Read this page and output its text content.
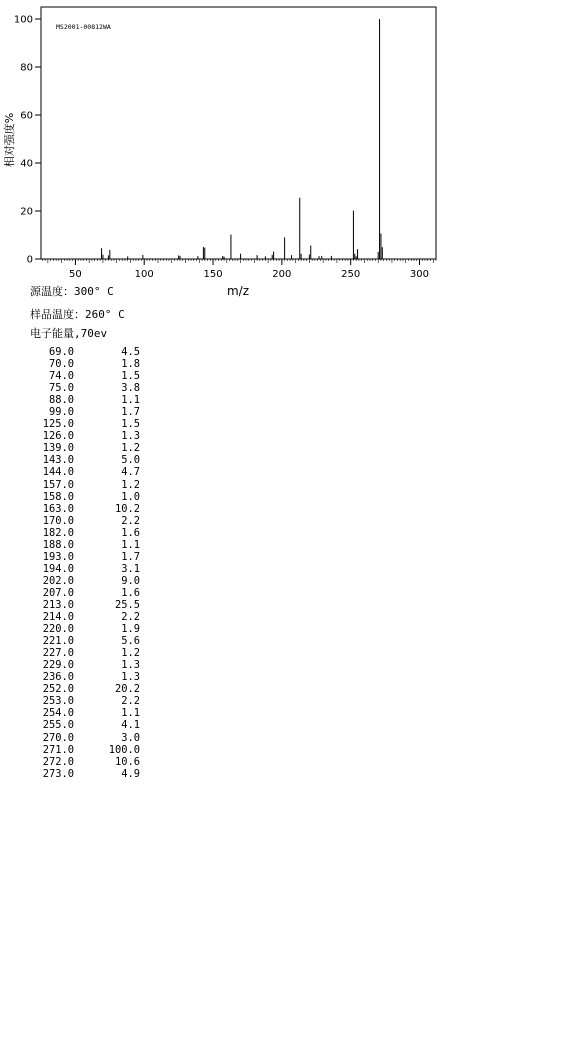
MS2001-00812WA
0
20
40
60
80
100
50	100	150	200	250	300
相对强度%
m/z
源温度：300° C
样品温度：260° C
电子能量,70ev
69.0	4.5
70.0	1.8
74.0	1.5
75.0	3.8
88.0	1.1
99.0	1.7
125.0	1.5
126.0	1.3
139.0	1.2
143.0	5.0
144.0	4.7
157.0	1.2
158.0	1.0
163.0	10.2
170.0	2.2
182.0	1.6
188.0	1.1
193.0	1.7
194.0	3.1
202.0	9.0
207.0	1.6
213.0	25.5
214.0	2.2
220.0	1.9
221.0	5.6
227.0	1.2
229.0	1.3
236.0	1.3
252.0	20.2
253.0	2.2
254.0	1.1
255.0	4.1
270.0	3.0
271.0	100.0
272.0	10.6
273.0	4.9
